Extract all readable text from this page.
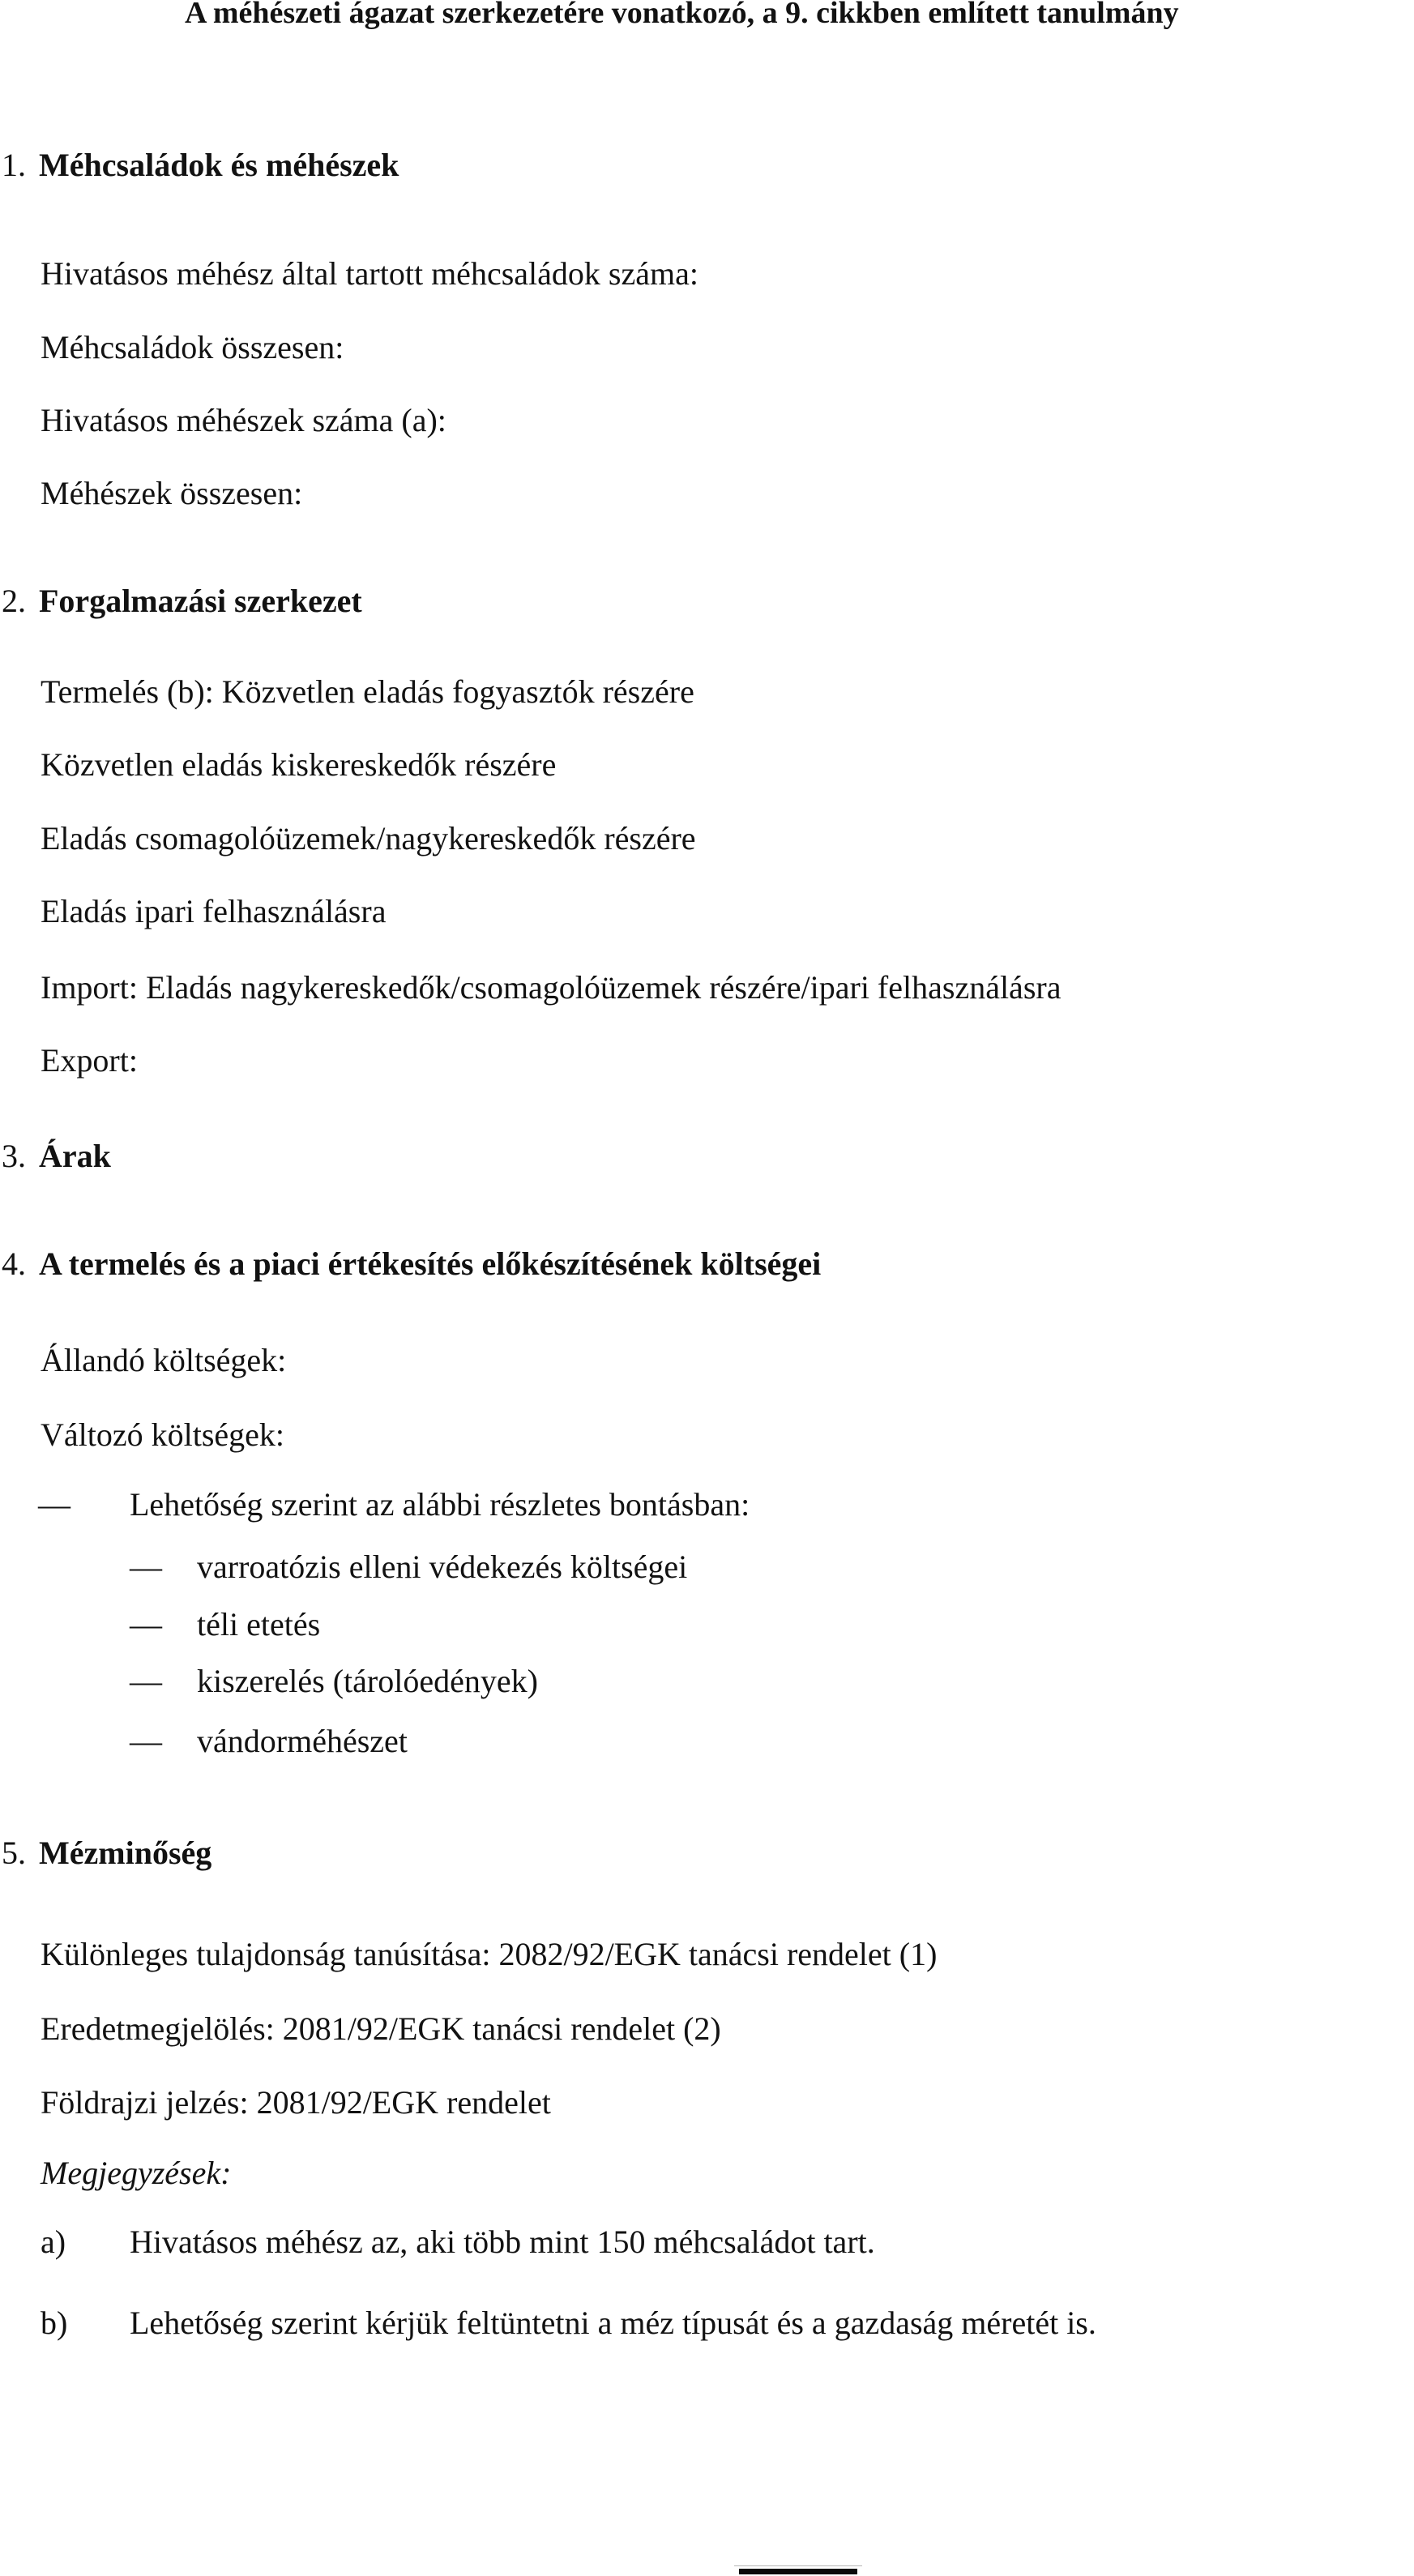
A méhészeti ágazat szerkezetére vonatkozó, a 9. cikkben említett tanulmány
1. Méhcsaládok és méhészek
Hivatásos méhész által tartott méhcsaládok száma:
Méhcsaládok összesen:
Hivatásos méhészek száma (a):
Méhészek összesen:
2. Forgalmazási szerkezet
Termelés (b): Közvetlen eladás fogyasztók részére
Közvetlen eladás kiskereskedők részére
Eladás csomagolóüzemek/nagykereskedők részére
Eladás ipari felhasználásra
Import: Eladás nagykereskedők/csomagolóüzemek részére/ipari felhasználásra
Export:
3. Árak
4. A termelés és a piaci értékesítés előkészítésének költségei
Állandó költségek:
Változó költségek:
— Lehetőség szerint az alábbi részletes bontásban:
— varroatózis elleni védekezés költségei
— téli etetés
— kiszerelés (tárolóedények)
— vándorméhészet
5. Mézminőség
Különleges tulajdonság tanúsítása: 2082/92/EGK tanácsi rendelet (1)
Eredetmegjelölés: 2081/92/EGK tanácsi rendelet (2)
Földrajzi jelzés: 2081/92/EGK rendelet
Megjegyzések:
a) Hivatásos méhész az, aki több mint 150 méhcsaládot tart.
b) Lehetőség szerint kérjük feltüntetni a méz típusát és a gazdaság méretét is.
